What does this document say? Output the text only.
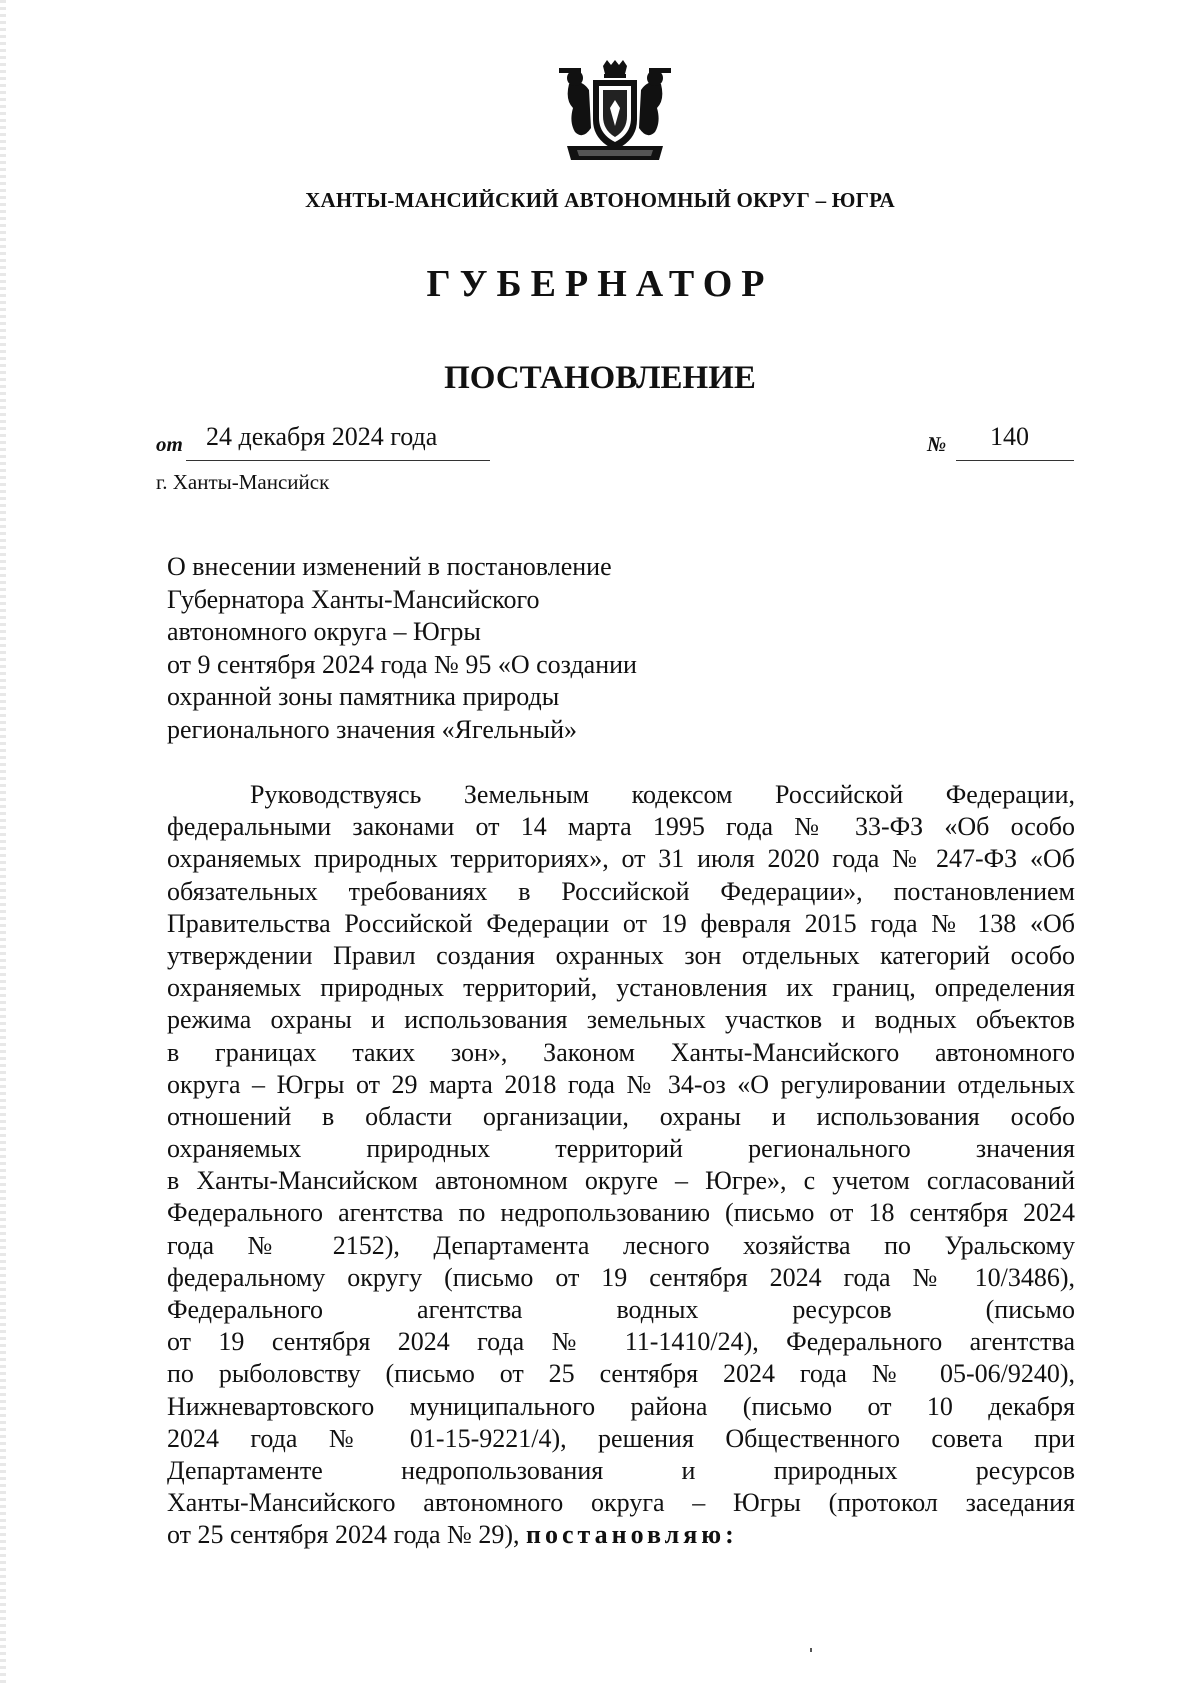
ХАНТЫ-МАНСИЙСКИЙ АВТОНОМНЫЙ ОКРУГ – ЮГРА
ГУБЕРНАТОР
ПОСТАНОВЛЕНИЕ
от 24 декабря 2024 года	№ 140
г. Ханты-Мансийск
О внесении изменений в постановление
Губернатора Ханты-Мансийского
автономного округа – Югры
от 9 сентября 2024 года № 95 «О создании
охранной зоны памятника природы
регионального значения «Ягельный»
Руководствуясь Земельным кодексом Российской Федерации,
федеральными законами от 14 марта 1995 года № 33-ФЗ «Об особо
охраняемых природных территориях», от 31 июля 2020 года № 247-ФЗ «Об
обязательных требованиях в Российской Федерации», постановлением
Правительства Российской Федерации от 19 февраля 2015 года № 138 «Об
утверждении Правил создания охранных зон отдельных категорий особо
охраняемых природных территорий, установления их границ, определения
режима охраны и использования земельных участков и водных объектов
в границах таких зон», Законом Ханты-Мансийского автономного
округа – Югры от 29 марта 2018 года № 34-оз «О регулировании отдельных
отношений в области организации, охраны и использования особо
охраняемых природных территорий регионального значения
в Ханты-Мансийском автономном округе – Югре», с учетом согласований
Федерального агентства по недропользованию (письмо от 18 сентября 2024
года № 2152), Департамента лесного хозяйства по Уральскому
федеральному округу (письмо от 19 сентября 2024 года № 10/3486),
Федерального агентства водных ресурсов (письмо
от 19 сентября 2024 года № 11-1410/24), Федерального агентства
по рыболовству (письмо от 25 сентября 2024 года № 05-06/9240),
Нижневартовского муниципального района (письмо от 10 декабря
2024 года № 01-15-9221/4), решения Общественного совета при
Департаменте недропользования и природных ресурсов
Ханты-Мансийского автономного округа – Югры (протокол заседания
от 25 сентября 2024 года № 29), постановляю:
